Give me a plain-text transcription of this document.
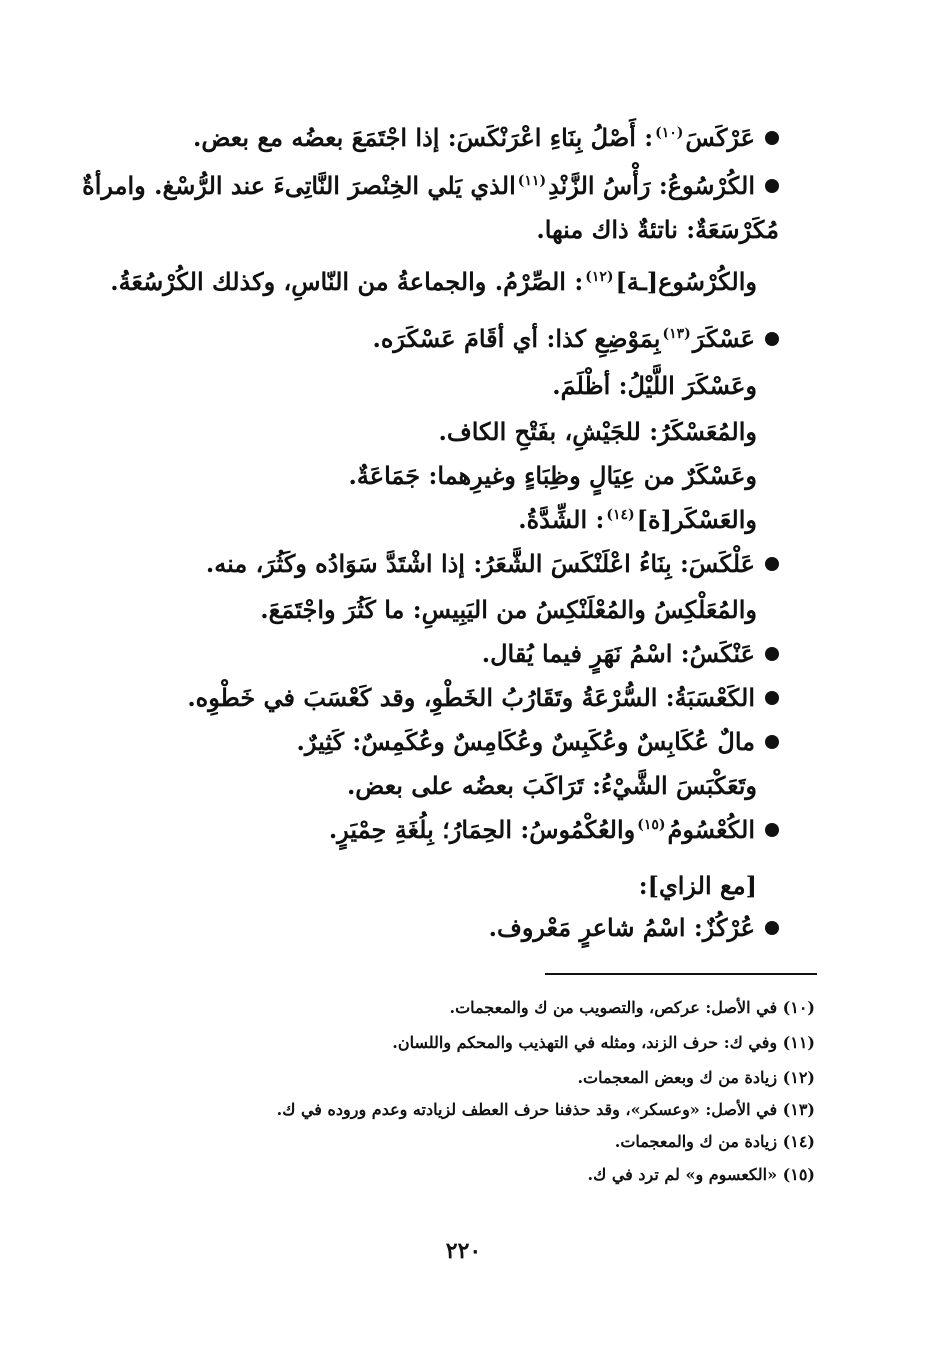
عَرْكَسَ$^{(١٠)}$: أَصْلُ بِنَاءِ اعْرَنْكَسَ: إذا اجْتَمَعَ بعضُه مع بعض.
الكُرْسُوعُ: رَأْسُ الزَّنْدِ$^{(١١)}$الذي يَلي الخِنْصرَ النَّاتِىءَ عند الرُّسْغ. وامرأةٌ
مُكَرْسَعَةٌ: ناتئةٌ ذاك منها.
والكُرْسُوع[ـة]$^{(١٢)}$: الصِّرْمُ. والجماعةُ من النّاسِ، وكذلك الكُرْسُعَةُ.
عَسْكَرَ$^{(١٣)}$بِمَوْضِعِ كذا: أي أقَامَ عَسْكَرَه.
وعَسْكَرَ اللَّيْلُ: أظْلَمَ.
والمُعَسْكَرُ: للجَيْشِ، بفَتْحِ الكاف.
وعَسْكَرٌ من عِيَالٍ وظِبَاءٍ وغيرِهما: جَمَاعَةٌ.
والعَسْكَر[ة]$^{(١٤)}$: الشِّدَّةُ.
عَلْكَسَ: بِنَاءُ اعْلَنْكَسَ الشَّعَرُ: إذا اشْتَدَّ سَوَادُه وكَثُرَ، منه.
والمُعَلْكِسُ والمُعْلَنْكِسُ من اليَبِيسِ: ما كَثُرَ واجْتَمَعَ.
عَنْكَسُ: اسْمُ نَهَرٍ فيما يُقال.
الكَعْسَبَةُ: السُّرْعَةُ وتَقَارُبُ الخَطْوِ، وقد كَعْسَبَ في خَطْوِه.
مالٌ عُكَابِسٌ وعُكَبِسٌ وعُكَامِسٌ وعُكَمِسٌ: كَثِيرٌ.
وتَعَكْبَسَ الشَّيْءُ: تَرَاكَبَ بعضُه على بعض.
الكُعْسُومُ$^{(١٥)}$والعُكْمُوسُ: الحِمَارُ؛ بِلُغَةِ حِمْيَرٍ.
[مع الزاي]:
عُرْكُزٌ: اسْمُ شاعرٍ مَعْروف.
(١٠) في الأصل: عركص، والتصويب من ك والمعجمات.
(١١) وفي ك: حرف الزند، ومثله في التهذيب والمحكم واللسان.
(١٢) زيادة من ك وبعض المعجمات.
(١٣) في الأصل: «وعسكر»، وقد حذفنا حرف العطف لزيادته وعدم وروده في ك.
(١٤) زيادة من ك والمعجمات.
(١٥) «الكعسوم و» لم ترد في ك.
٢٢٠
